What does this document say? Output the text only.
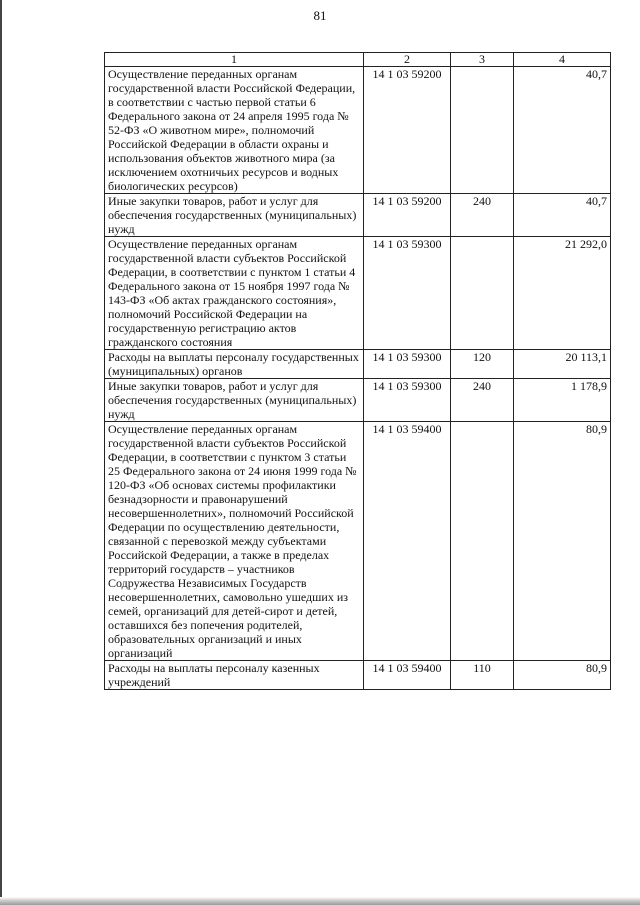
81
1	2	3	4
Осуществление переданных органам государственной власти Российской Федерации, в соответствии с частью первой статьи 6 Федерального закона от 24 апреля 1995 года № 52-ФЗ «О животном мире», полномочий Российской Федерации в области охраны и использования объектов животного мира (за исключением охотничьих ресурсов и водных биологических ресурсов)	14 1 03 59200		40,7
Иные закупки товаров, работ и услуг для обеспечения государственных (муниципальных) нужд	14 1 03 59200	240	40,7
Осуществление переданных органам государственной власти субъектов Российской Федерации, в соответствии с пунктом 1 статьи 4 Федерального закона от 15 ноября 1997 года № 143-ФЗ «Об актах гражданского состояния», полномочий Российской Федерации на государственную регистрацию актов гражданского состояния	14 1 03 59300		21 292,0
Расходы на выплаты персоналу государственных (муниципальных) органов	14 1 03 59300	120	20 113,1
Иные закупки товаров, работ и услуг для обеспечения государственных (муниципальных) нужд	14 1 03 59300	240	1 178,9
Осуществление переданных органам государственной власти субъектов Российской Федерации, в соответствии с пунктом 3 статьи 25 Федерального закона от 24 июня 1999 года № 120-ФЗ «Об основах системы профилактики безнадзорности и правонарушений несовершеннолетних», полномочий Российской Федерации по осуществлению деятельности, связанной с перевозкой между субъектами Российской Федерации, а также в пределах территорий государств – участников Содружества Независимых Государств несовершеннолетних, самовольно ушедших из семей, организаций для детей-сирот и детей, оставшихся без попечения родителей, образовательных организаций и иных организаций	14 1 03 59400		80,9
Расходы на выплаты персоналу казенных учреждений	14 1 03 59400	110	80,9
